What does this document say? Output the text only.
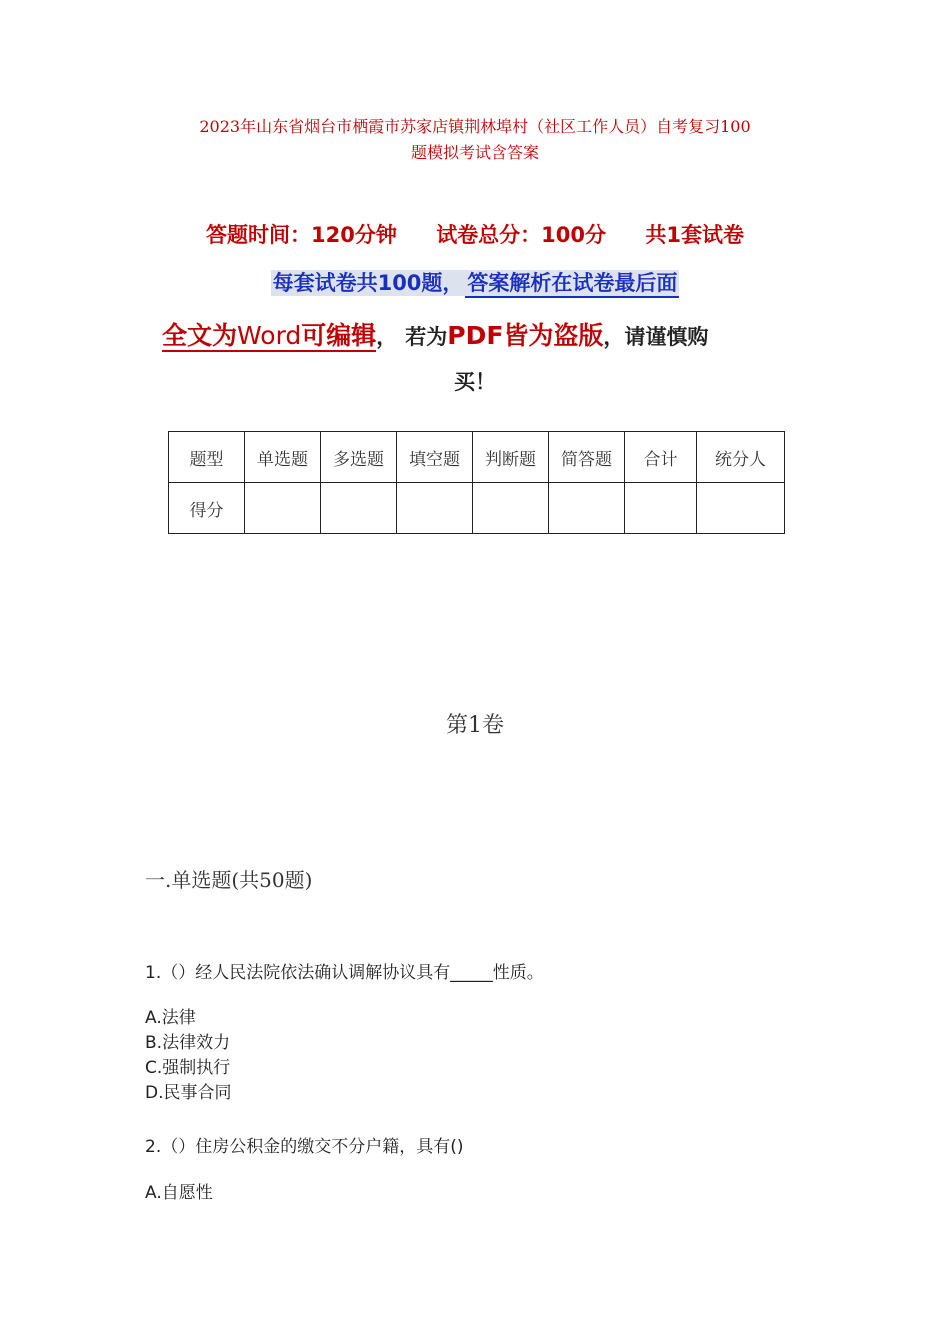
2023年山东省烟台市栖霞市苏家店镇荆林埠村（社区工作人员）自考复习100
题模拟考试含答案
答题时间：120分钟 试卷总分：100分 共1套试卷
每套试卷共100题， 答案解析在试卷最后面
全文为Word可编辑， 若为PDF皆为盗版，请谨慎购
买！
题型	单选题	多选题	填空题	判断题	简答题	合计	统分人
得分							
第1卷
一.单选题(共50题)
1.（）经人民法院依法确认调解协议具有_____性质。
A.法律
B.法律效力
C.强制执行
D.民事合同
2.（）住房公积金的缴交不分户籍，具有()
A.自愿性
